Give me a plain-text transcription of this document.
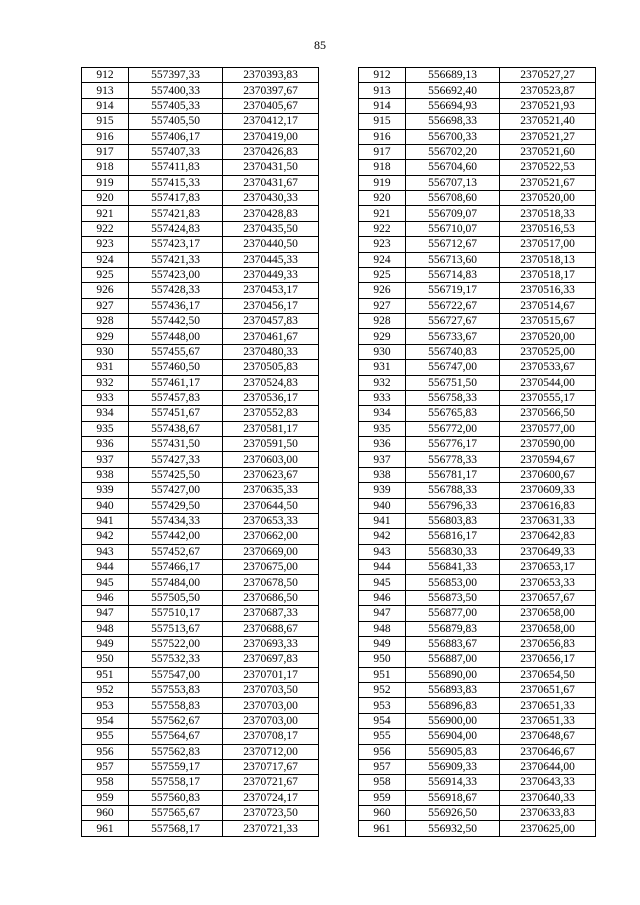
85
912	557397,33	2370393,83		912	556689,13	2370527,27
913	557400,33	2370397,67		913	556692,40	2370523,87
914	557405,33	2370405,67		914	556694,93	2370521,93
915	557405,50	2370412,17		915	556698,33	2370521,40
916	557406,17	2370419,00		916	556700,33	2370521,27
917	557407,33	2370426,83		917	556702,20	2370521,60
918	557411,83	2370431,50		918	556704,60	2370522,53
919	557415,33	2370431,67		919	556707,13	2370521,67
920	557417,83	2370430,33		920	556708,60	2370520,00
921	557421,83	2370428,83		921	556709,07	2370518,33
922	557424,83	2370435,50		922	556710,07	2370516,53
923	557423,17	2370440,50		923	556712,67	2370517,00
924	557421,33	2370445,33		924	556713,60	2370518,13
925	557423,00	2370449,33		925	556714,83	2370518,17
926	557428,33	2370453,17		926	556719,17	2370516,33
927	557436,17	2370456,17		927	556722,67	2370514,67
928	557442,50	2370457,83		928	556727,67	2370515,67
929	557448,00	2370461,67		929	556733,67	2370520,00
930	557455,67	2370480,33		930	556740,83	2370525,00
931	557460,50	2370505,83		931	556747,00	2370533,67
932	557461,17	2370524,83		932	556751,50	2370544,00
933	557457,83	2370536,17		933	556758,33	2370555,17
934	557451,67	2370552,83		934	556765,83	2370566,50
935	557438,67	2370581,17		935	556772,00	2370577,00
936	557431,50	2370591,50		936	556776,17	2370590,00
937	557427,33	2370603,00		937	556778,33	2370594,67
938	557425,50	2370623,67		938	556781,17	2370600,67
939	557427,00	2370635,33		939	556788,33	2370609,33
940	557429,50	2370644,50		940	556796,33	2370616,83
941	557434,33	2370653,33		941	556803,83	2370631,33
942	557442,00	2370662,00		942	556816,17	2370642,83
943	557452,67	2370669,00		943	556830,33	2370649,33
944	557466,17	2370675,00		944	556841,33	2370653,17
945	557484,00	2370678,50		945	556853,00	2370653,33
946	557505,50	2370686,50		946	556873,50	2370657,67
947	557510,17	2370687,33		947	556877,00	2370658,00
948	557513,67	2370688,67		948	556879,83	2370658,00
949	557522,00	2370693,33		949	556883,67	2370656,83
950	557532,33	2370697,83		950	556887,00	2370656,17
951	557547,00	2370701,17		951	556890,00	2370654,50
952	557553,83	2370703,50		952	556893,83	2370651,67
953	557558,83	2370703,00		953	556896,83	2370651,33
954	557562,67	2370703,00		954	556900,00	2370651,33
955	557564,67	2370708,17		955	556904,00	2370648,67
956	557562,83	2370712,00		956	556905,83	2370646,67
957	557559,17	2370717,67		957	556909,33	2370644,00
958	557558,17	2370721,67		958	556914,33	2370643,33
959	557560,83	2370724,17		959	556918,67	2370640,33
960	557565,67	2370723,50		960	556926,50	2370633,83
961	557568,17	2370721,33		961	556932,50	2370625,00
